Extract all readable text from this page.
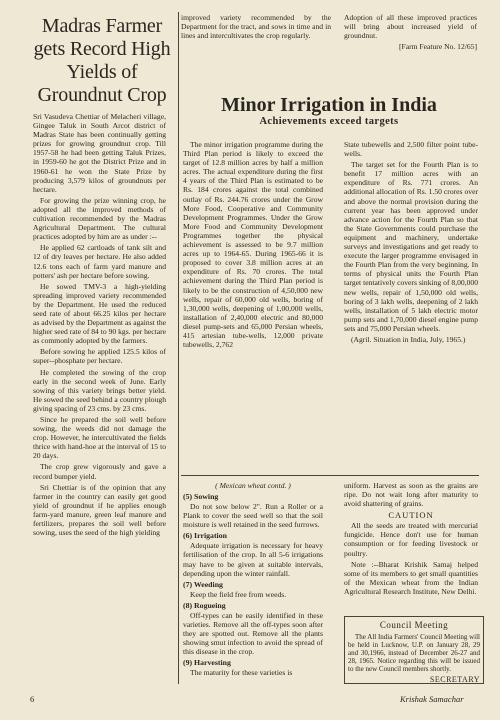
Madras Farmer gets Record High Yields of Groundnut Crop

Sri Vasudeva Chettiar of Melacheri village, Gingee Taluk in South Arcot district of Madras State has been continually getting prizes for growing groundnut crop. Till 1957-58 he had been getting Taluk Prizes, in 1959-60 he got the District Prize and in 1960-61 he won the State Prize by producing 3,579 kilos of groundnuts per hectare.

For growing the prize winning crop, he adopted all the improved methods of cultivation recommended by the Madras Agricultural Department. The cultural practices adopted by him are as under :--

He applied 62 cartloads of tank silt and 12 of dry leaves per hectare. He also added 12.6 tons each of farm yard manure and potters' ash per hectare before sowing.

He sowed TMV-3 a high-yielding spreading improved variety recommended by the Department. He used the reduced seed rate of about 66.25 kilos per hectare as advised by the Department as against the higher seed rate of 84 to 90 kgs. per hectare as commonly adopted by the farmers.

Before sowing he applied 125.5 kilos of super--phosphate per hectare.

He completed the sowing of the crop early in the second week of June. Early sowing of this variety brings better yield. He sowed the seed behind a country plough giving spacing of 23 cms. by 23 cms.

Since he prepared the soil well before sowing, the weeds did not damage the crop. However, he intercultivated the fields thrice with hand-hoe at the interval of 15 to 20 days.

The crop grew vigorously and gave a record bumper yield.

Sri Chettiar is of the opinion that any farmer in the country can easily get good yield of groundnut if he applies enough farm-yard manure, green leaf manure and fertilizers, prepares the soil well before sowing, uses the seed of the high yielding

improved variety recommended by the Department for the tract, and sows in time and in lines and intercultivates the crop regularly.

Adoption of all these improved practices will bring about increased yield of groundnut.

[Farm Feature No. 12/65]

Minor Irrigation in India
Achievements exceed targets

The minor irrigation programme during the Third Plan period is likely to exceed the target of 12.8 million acres by half a million acres. The actual expenditure during the first 4 years of the Third Plan is estimated to be Rs. 184 crores against the total combined outlay of Rs. 244.76 crores under the Grow More Food, Cooperative and Community Development Programmes. Under the Grow More Food and Community Development Programmes together the physical achievement is assessed to be 9.7 million acres up to 1964-65. During 1965-66 it is proposed to cover 3.8 million acres at an expenditure of Rs. 70 crores. The total achievement during the Third Plan period is likely to be the construction of 4,50,000 new wells, repair of 60,000 old wells, boring of 1,30,000 wells, deepening of 1,00,000 wells, installation of 2,40,000 electric and 80,000 diesel pump-sets and 65,000 Persian wheels, 415 artesian tube-wells, 12,000 private tubewells, 2,762

State tubewells and 2,500 filter point tube-wells.

The target set for the Fourth Plan is to benefit 17 million acres with an expenditure of Rs. 771 crores. An additional allocation of Rs. 1.50 crores over and above the normal provision during the current year has been approved under advance action for the Fourth Plan so that the State Governments could purchase the equipment and machinery, undertake surveys and investigations and get ready to execute the larger programme envisaged in the Fourth Plan from the very beginning. In terms of physical units the Fourth Plan target tentatively covers sinking of 8,00,000 new wells, repair of 1,50,000 old wells, boring of 3 lakh wells, deepening of 2 lakh wells, installation of 5 lakh electric motor pump sets and 1,70,000 diesel engine pump sets and 75,000 Persian wheels.

(Agril. Situation in India, July, 1965.)

( Mexican wheat contd. )

(5) Sowing

Do not sow below 2". Run a Roller or a Plank to cover the seed well so that the soil moisture is well retained in the seed furrows.

(6) Irrigation

Adequate irrigation is necessary for heavy fertilisation of the crop. In all 5-6 irrigations may have to be given at suitable intervals, depending upon the winter rainfall.

(7) Weeding

Keep the field free from weeds.

(8) Rogueing

Off-types can be easily identified in these varieties. Remove all the off-types soon after they are spotted out. Remove all the plants showing smut infection to avoid the spread of this disease in the crop.

(9) Harvesting

The maturity for these varieties is

uniform. Harvest as soon as the grains are ripe. Do not wait long after maturity to avoid shattering of grains.

CAUTION

All the seeds are treated with mercurial fungicide. Hence don't use for human consumption or for feeding livestock or poultry.

Note :--Bharat Krishik Samaj helped some of its members to get small quantities of the Mexican wheat from the Indian Agricultural Research Institute, New Delhi.

Council Meeting

The All India Farmers' Council Meeting will be held in Lucknow, U.P. on January 28, 29 and 30,1966, instead of December 26-27 and 28, 1965. Notice regarding this will be issued to the new Council members shortly.

SECRETARY
6	Krishak Samachar
